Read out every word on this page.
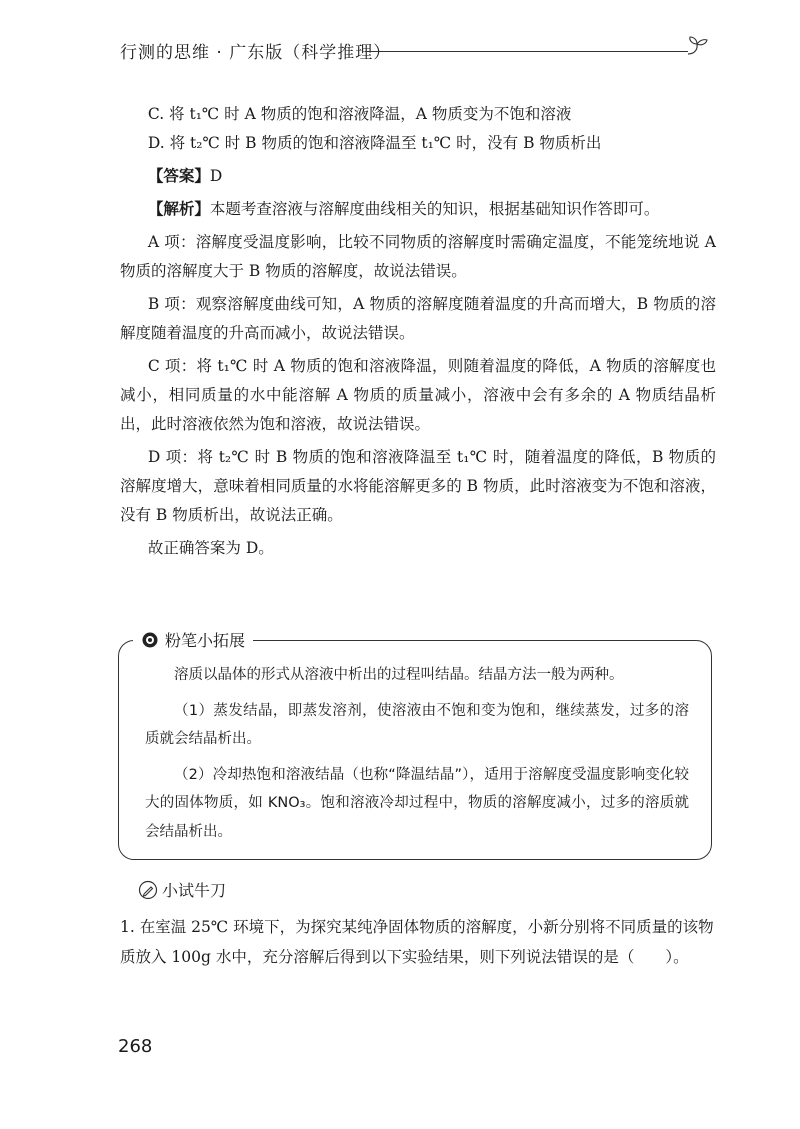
行测的思维 · 广东版（科学推理）

C. 将 t₁℃ 时 A 物质的饱和溶液降温，A 物质变为不饱和溶液

D. 将 t₂℃ 时 B 物质的饱和溶液降温至 t₁℃ 时，没有 B 物质析出

【答案】D

【解析】本题考查溶液与溶解度曲线相关的知识，根据基础知识作答即可。

A 项：溶解度受温度影响，比较不同物质的溶解度时需确定温度，不能笼统地说 A 物质的溶解度大于 B 物质的溶解度，故说法错误。

B 项：观察溶解度曲线可知，A 物质的溶解度随着温度的升高而增大，B 物质的溶解度随着温度的升高而减小，故说法错误。

C 项：将 t₁℃ 时 A 物质的饱和溶液降温，则随着温度的降低，A 物质的溶解度也减小，相同质量的水中能溶解 A 物质的质量减小，溶液中会有多余的 A 物质结晶析出，此时溶液依然为饱和溶液，故说法错误。

D 项：将 t₂℃ 时 B 物质的饱和溶液降温至 t₁℃ 时，随着温度的降低，B 物质的溶解度增大，意味着相同质量的水将能溶解更多的 B 物质，此时溶液变为不饱和溶液，没有 B 物质析出，故说法正确。

故正确答案为 D。

粉笔小拓展

溶质以晶体的形式从溶液中析出的过程叫结晶。结晶方法一般为两种。

（1）蒸发结晶，即蒸发溶剂，使溶液由不饱和变为饱和，继续蒸发，过多的溶质就会结晶析出。

（2）冷却热饱和溶液结晶（也称“降温结晶”），适用于溶解度受温度影响变化较大的固体物质，如 KNO₃。饱和溶液冷却过程中，物质的溶解度减小，过多的溶质就会结晶析出。

小试牛刀
1. 在室温 25℃ 环境下，为探究某纯净固体物质的溶解度，小新分别将不同质量的该物质放入 100g 水中，充分溶解后得到以下实验结果，则下列说法错误的是（　　）。
268
